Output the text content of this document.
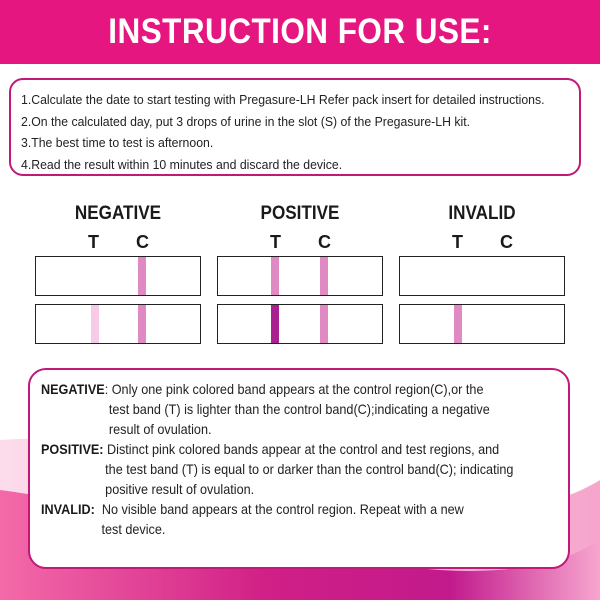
INSTRUCTION FOR USE:

1.Calculate the date to start testing with Pregasure-LH Refer pack insert for detailed instructions.

2.On the calculated day, put 3 drops of urine in the slot (S) of the Pregasure-LH kit.

3.The best time to test is afternoon.

4.Read the result within 10 minutes and discard the device.

NEGATIVE	POSITIVE	INVALID
T C	T C	T C
NEGATIVE: Only one pink colored band appears at the control region(C),or the
test band (T) is lighter than the control band(C);indicating a negative
result of ovulation.
POSITIVE: Distinct pink colored bands appear at the control and test regions, and
the test band (T) is equal to or darker than the control band(C); indicating
positive result of ovulation.
INVALID:  No visible band appears at the control region. Repeat with a new
test device.
